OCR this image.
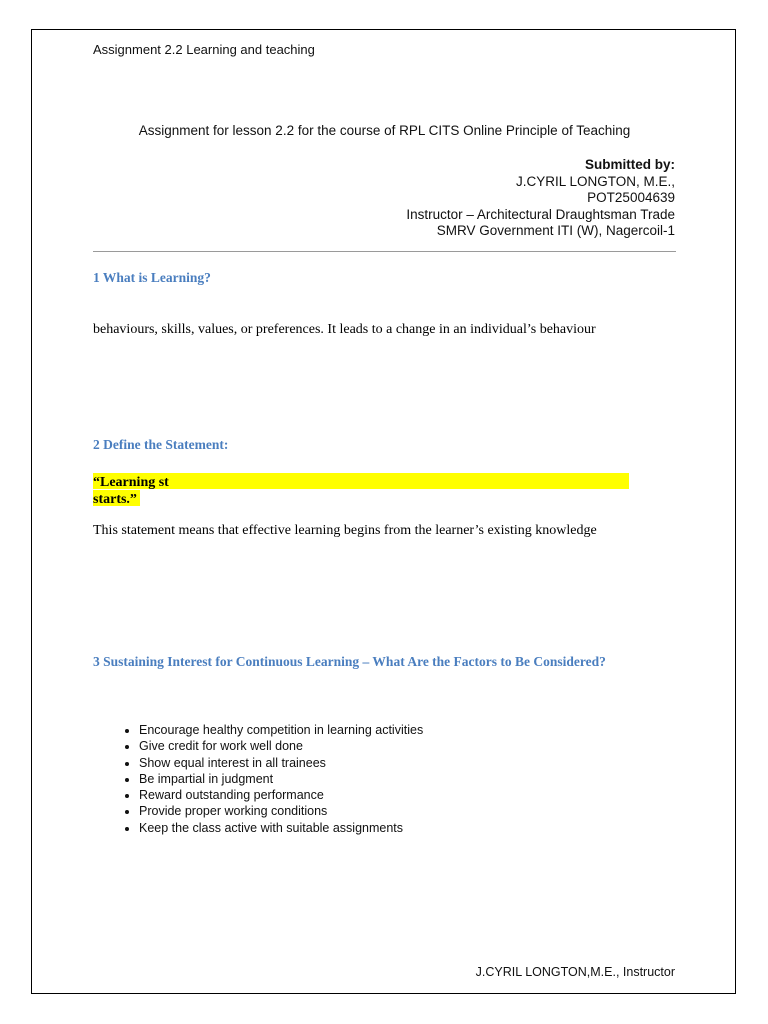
Assignment 2.2 Learning and teaching
Assignment for lesson 2.2 for the course of RPL CITS Online Principle of Teaching
Submitted by:
J.CYRIL LONGTON, M.E.,
POT25004639
Instructor – Architectural Draughtsman Trade
SMRV Government ITI (W), Nagercoil-1
1 What is Learning?
behaviours, skills, values, or preferences. It leads to a change in an individual’s behaviour
2 Define the Statement:
“Learning st
starts.”
This statement means that effective learning begins from the learner’s existing knowledge
3 Sustaining Interest for Continuous Learning – What Are the Factors to Be Considered?
• Encourage healthy competition in learning activities
• Give credit for work well done
• Show equal interest in all trainees
• Be impartial in judgment
• Reward outstanding performance
• Provide proper working conditions
• Keep the class active with suitable assignments
J.CYRIL LONGTON,M.E., Instructor
